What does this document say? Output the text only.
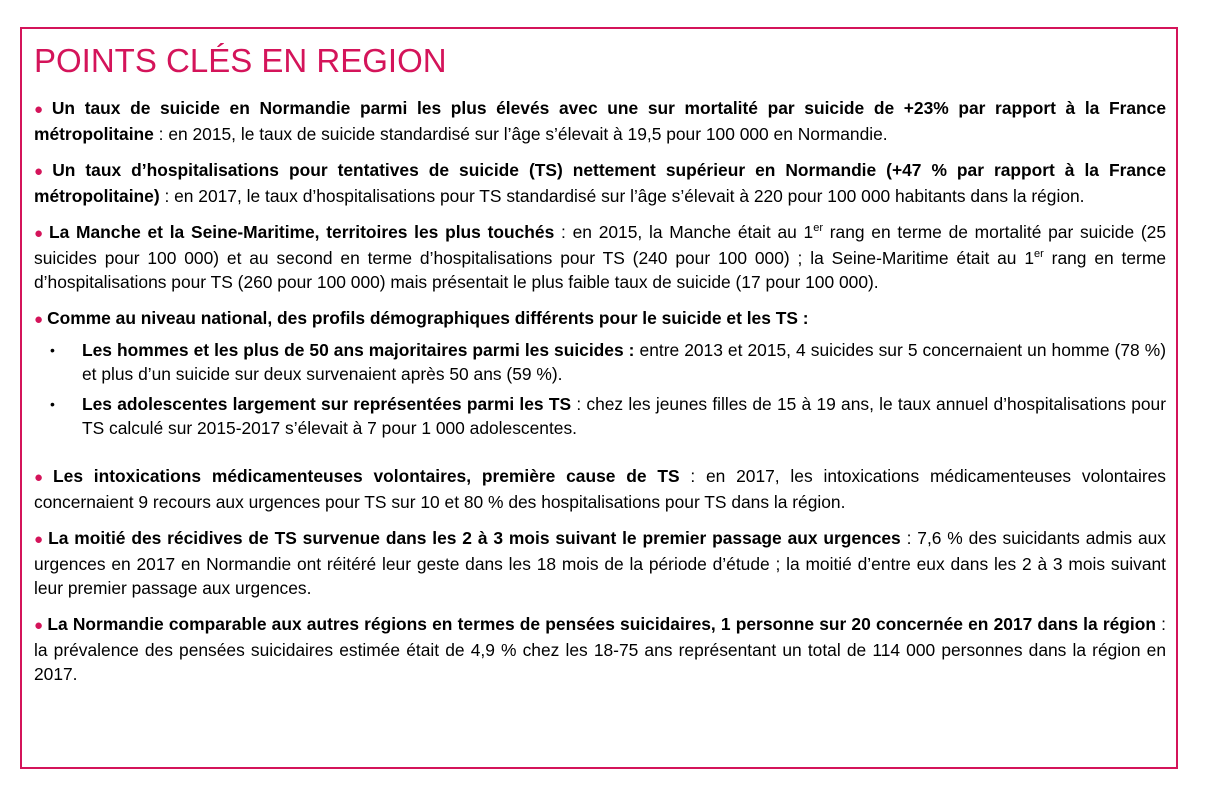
POINTS CLÉS EN REGION

● Un taux de suicide en Normandie parmi les plus élevés avec une sur mortalité par suicide de +23% par rapport à la France métropolitaine : en 2015, le taux de suicide standardisé sur l’âge s’élevait à 19,5 pour 100 000 en Normandie.

● Un taux d’hospitalisations pour tentatives de suicide (TS) nettement supérieur en Normandie (+47 % par rapport à la France métropolitaine) : en 2017, le taux d’hospitalisations pour TS standardisé sur l’âge s’élevait à 220 pour 100 000 habitants dans la région.

● La Manche et la Seine-Maritime, territoires les plus touchés : en 2015, la Manche était au 1er rang en terme de mortalité par suicide (25 suicides pour 100 000) et au second en terme d’hospitalisations pour TS (240 pour 100 000) ; la Seine-Maritime était au 1er rang en terme d’hospitalisations pour TS (260 pour 100 000) mais présentait le plus faible taux de suicide (17 pour 100 000).

● Comme au niveau national, des profils démographiques différents pour le suicide et les TS :

• Les hommes et les plus de 50 ans majoritaires parmi les suicides : entre 2013 et 2015, 4 suicides sur 5 concernaient un homme (78 %) et plus d’un suicide sur deux survenaient après 50 ans (59 %).
• Les adolescentes largement sur représentées parmi les TS : chez les jeunes filles de 15 à 19 ans, le taux annuel d’hospitalisations pour TS calculé sur 2015-2017 s’élevait à 7 pour 1 000 adolescentes.

● Les intoxications médicamenteuses volontaires, première cause de TS : en 2017, les intoxications médicamenteuses volontaires concernaient 9 recours aux urgences pour TS sur 10 et 80 % des hospitalisations pour TS dans la région.

● La moitié des récidives de TS survenue dans les 2 à 3 mois suivant le premier passage aux urgences : 7,6 % des suicidants admis aux urgences en 2017 en Normandie ont réitéré leur geste dans les 18 mois de la période d’étude ; la moitié d’entre eux dans les 2 à 3 mois suivant leur premier passage aux urgences.

● La Normandie comparable aux autres régions en termes de pensées suicidaires, 1 personne sur 20 concernée en 2017 dans la région : la prévalence des pensées suicidaires estimée était de 4,9 % chez les 18-75 ans représentant un total de 114 000 personnes dans la région en 2017.
